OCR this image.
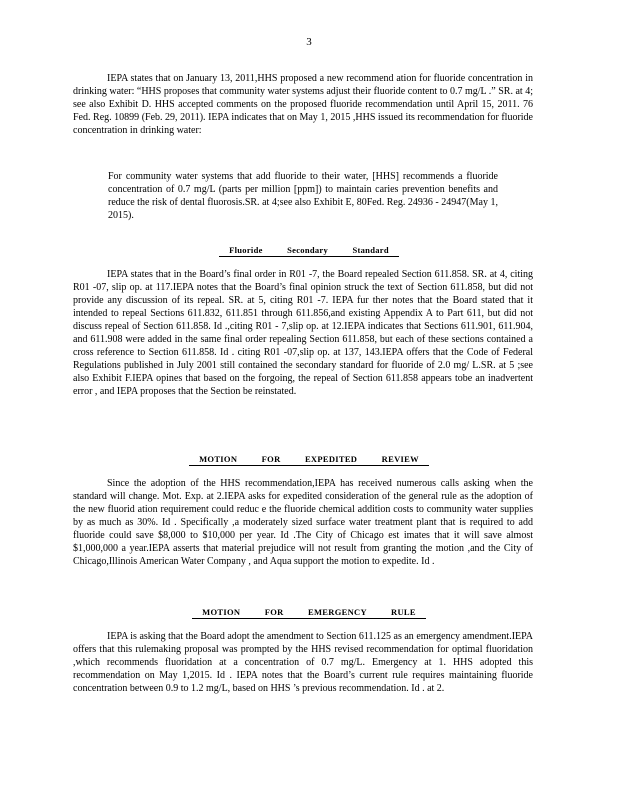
3

IEPA states that on January 13, 2011,HHS proposed a new recommend ation for fluoride concentration in drinking water: “HHS proposes that community water systems adjust their fluoride content to 0.7 mg/L .” SR. at 4; see also Exhibit D. HHS accepted comments on the proposed fluoride recommendation until April 15, 2011. 76 Fed. Reg. 10899 (Feb. 29, 2011). IEPA indicates that on May 1, 2015 ,HHS issued its recommendation for fluoride concentration in drinking water:

For community water systems that add fluoride to their water, [HHS] recommends a fluoride concentration of 0.7 mg/L (parts per million [ppm]) to maintain caries prevention benefits and reduce the risk of dental fluorosis.SR. at 4;see also Exhibit E, 80Fed. Reg. 24936 - 24947(May 1, 2015).

Fluoride Secondary Standard

IEPA states that in the Board’s final order in R01 -7, the Board repealed Section 611.858. SR. at 4, citing R01 -07, slip op. at 117.IEPA notes that the Board’s final opinion struck the text of Section 611.858, but did not provide any discussion of its repeal. SR. at 5, citing R01 -7. IEPA fur ther notes that the Board stated that it intended to repeal Sections 611.832, 611.851 through 611.856,and existing Appendix A to Part 611, but did not discuss repeal of Section 611.858. Id .,citing R01 - 7,slip op. at 12.IEPA indicates that Sections 611.901, 611.904, and 611.908 were added in the same final order repealing Section 611.858, but each of these sections contained a cross reference to Section 611.858. Id . citing R01 -07,slip op. at 137, 143.IEPA offers that the Code of Federal Regulations published in July 2001 still contained the secondary standard for fluoride of 2.0 mg/ L.SR. at 5 ;see also Exhibit F.IEPA opines that based on the forgoing, the repeal of Section 611.858 appears tobe an inadvertent error , and IEPA proposes that the Section be reinstated.

MOTION FOR EXPEDITED REVIEW

Since the adoption of the HHS recommendation,IEPA has received numerous calls asking when the standard will change. Mot. Exp. at 2.IEPA asks for expedited consideration of the general rule as the adoption of the new fluorid ation requirement could reduc e the fluoride chemical addition costs to community water supplies by as much as 30%. Id . Specifically ,a moderately sized surface water treatment plant that is required to add fluoride could save $8,000 to $10,000 per year. Id .The City of Chicago est imates that it will save almost $1,000,000 a year.IEPA asserts that material prejudice will not result from granting the motion ,and the City of Chicago,Illinois American Water Company , and Aqua support the motion to expedite. Id .

MOTION FOR EMERGENCY RULE

IEPA is asking that the Board adopt the amendment to Section 611.125 as an emergency amendment.IEPA offers that this rulemaking proposal was prompted by the HHS revised recommendation for optimal fluoridation ,which recommends fluoridation at a concentration of 0.7 mg/L. Emergency at 1. HHS adopted this recommendation on May 1,2015. Id . IEPA notes that the Board’s current rule requires maintaining fluoride concentration between 0.9 to 1.2 mg/L, based on HHS ’s previous recommendation. Id . at 2.
